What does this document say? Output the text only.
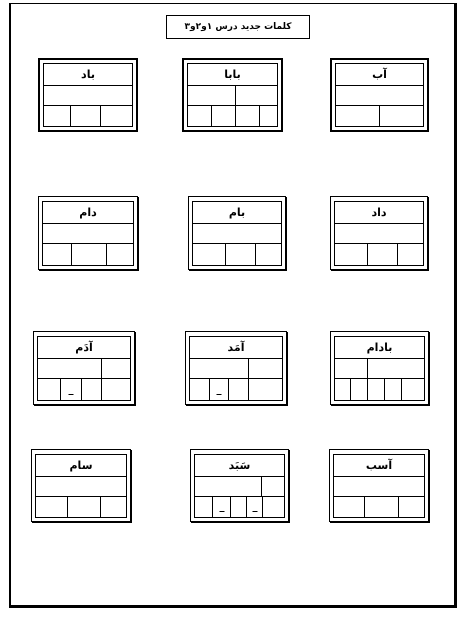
کلمات جدید درس ۱و۲و۳
باد	بابا	آب
دام	بام	داد
آدَم	آمَد	بادام
سام	سَبَد	آسب
